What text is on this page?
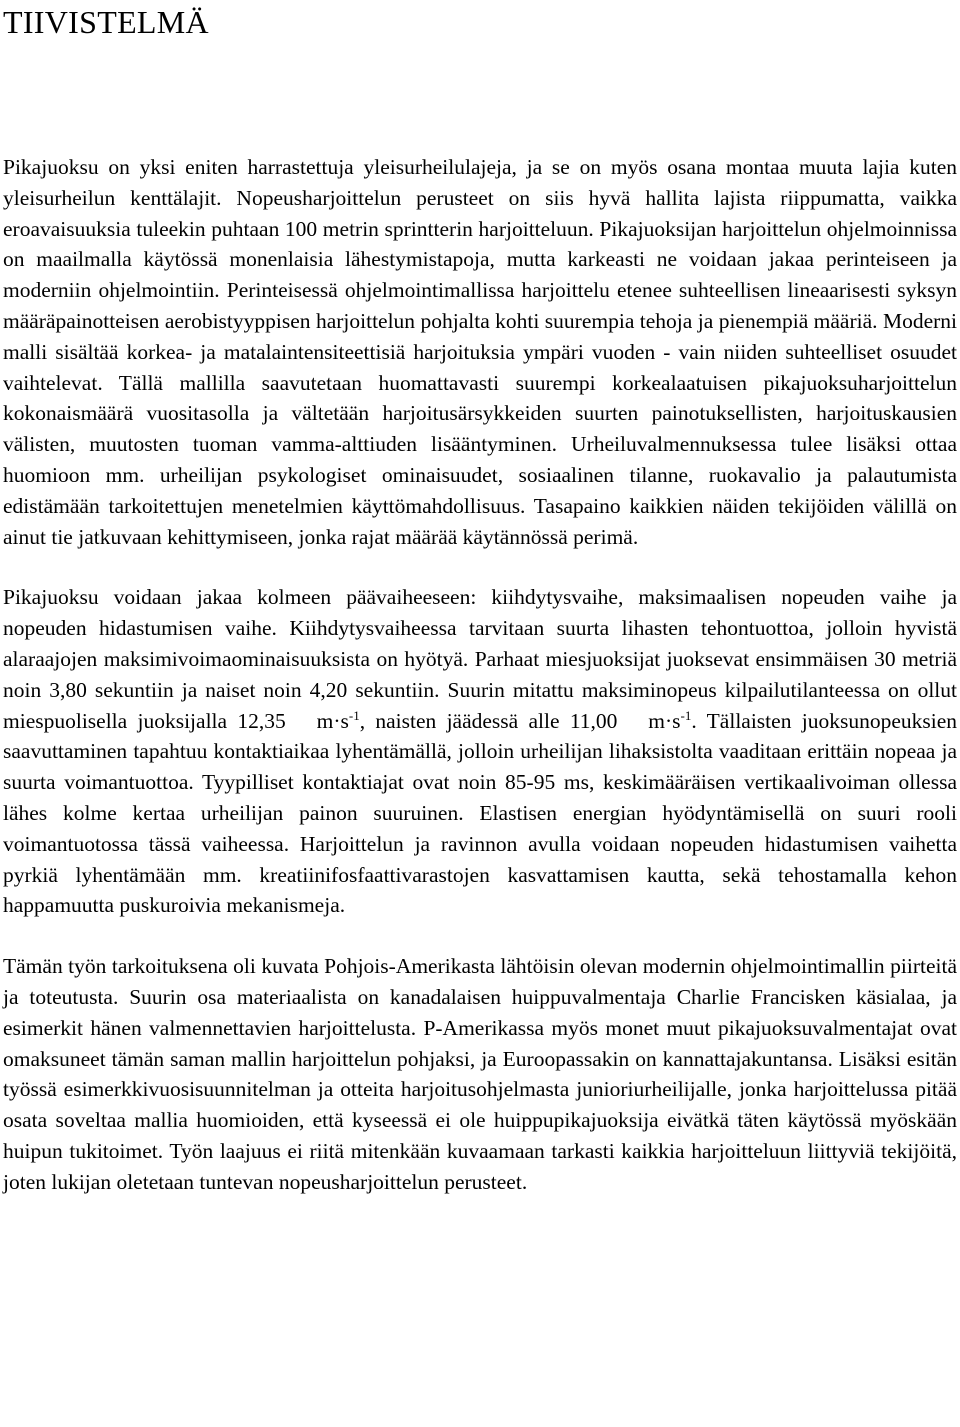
TIIVISTELMÄ

Pikajuoksu on yksi eniten harrastettuja yleisurheilulajeja, ja se on myös osana montaa muuta lajia kuten yleisurheilun kenttälajit. Nopeusharjoittelun perusteet on siis hyvä hallita lajista riippumatta, vaikka eroavaisuuksia tuleekin puhtaan 100 metrin sprintterin harjoitteluun. Pikajuoksijan harjoittelun ohjelmoinnissa on maailmalla käytössä monenlaisia lähestymistapoja, mutta karkeasti ne voidaan jakaa perinteiseen ja moderniin ohjelmointiin. Perinteisessä ohjelmointimallissa harjoittelu etenee suhteellisen lineaarisesti syksyn määräpainotteisen aerobistyyppisen harjoittelun pohjalta kohti suurempia tehoja ja pienempiä määriä. Moderni malli sisältää korkea- ja matalaintensiteettisiä harjoituksia ympäri vuoden - vain niiden suhteelliset osuudet vaihtelevat. Tällä mallilla saavutetaan huomattavasti suurempi korkealaatuisen pikajuoksuharjoittelun kokonaismäärä vuositasolla ja vältetään harjoitusärsykkeiden suurten painotuksellisten, harjoituskausien välisten, muutosten tuoman vamma-alttiuden lisääntyminen. Urheiluvalmennuksessa tulee lisäksi ottaa huomioon mm. urheilijan psykologiset ominaisuudet, sosiaalinen tilanne, ruokavalio ja palautumista edistämään tarkoitettujen menetelmien käyttömahdollisuus. Tasapaino kaikkien näiden tekijöiden välillä on ainut tie jatkuvaan kehittymiseen, jonka rajat määrää käytännössä perimä.

Pikajuoksu voidaan jakaa kolmeen päävaiheeseen: kiihdytysvaihe, maksimaalisen nopeuden vaihe ja nopeuden hidastumisen vaihe. Kiihdytysvaiheessa tarvitaan suurta lihasten tehontuottoa, jolloin hyvistä alaraajojen maksimivoimaominaisuuksista on hyötyä. Parhaat miesjuoksijat juoksevat ensimmäisen 30 metriä noin 3,80 sekuntiin ja naiset noin 4,20 sekuntiin. Suurin mitattu maksiminopeus kilpailutilanteessa on ollut miespuolisella juoksijalla 12,35 $m\cdot s^{-1}$, naisten jäädessä alle 11,00 $m\cdot s^{-1}$. Tällaisten juoksunopeuksien saavuttaminen tapahtuu kontaktiaikaa lyhentämällä, jolloin urheilijan lihaksistolta vaaditaan erittäin nopeaa ja suurta voimantuottoa. Tyypilliset kontaktiajat ovat noin 85-95 ms, keskimääräisen vertikaalivoiman ollessa lähes kolme kertaa urheilijan painon suuruinen. Elastisen energian hyödyntämisellä on suuri rooli voimantuotossa tässä vaiheessa. Harjoittelun ja ravinnon avulla voidaan nopeuden hidastumisen vaihetta pyrkiä lyhentämään mm. kreatiinifosfaattivarastojen kasvattamisen kautta, sekä tehostamalla kehon happamuutta puskuroivia mekanismeja.

Tämän työn tarkoituksena oli kuvata Pohjois-Amerikasta lähtöisin olevan modernin ohjelmointimallin piirteitä ja toteutusta. Suurin osa materiaalista on kanadalaisen huippuvalmentaja Charlie Francisken käsialaa, ja esimerkit hänen valmennettavien harjoittelusta. P-Amerikassa myös monet muut pikajuoksuvalmentajat ovat omaksuneet tämän saman mallin harjoittelun pohjaksi, ja Euroopassakin on kannattajakuntansa. Lisäksi esitän työssä esimerkkivuosisuunnitelman ja otteita harjoitusohjelmasta junioriurheilijalle, jonka harjoittelussa pitää osata soveltaa mallia huomioiden, että kyseessä ei ole huippupikajuoksija eivätkä täten käytössä myöskään huipun tukitoimet. Työn laajuus ei riitä mitenkään kuvaamaan tarkasti kaikkia harjoitteluun liittyviä tekijöitä, joten lukijan oletetaan tuntevan nopeusharjoittelun perusteet.
